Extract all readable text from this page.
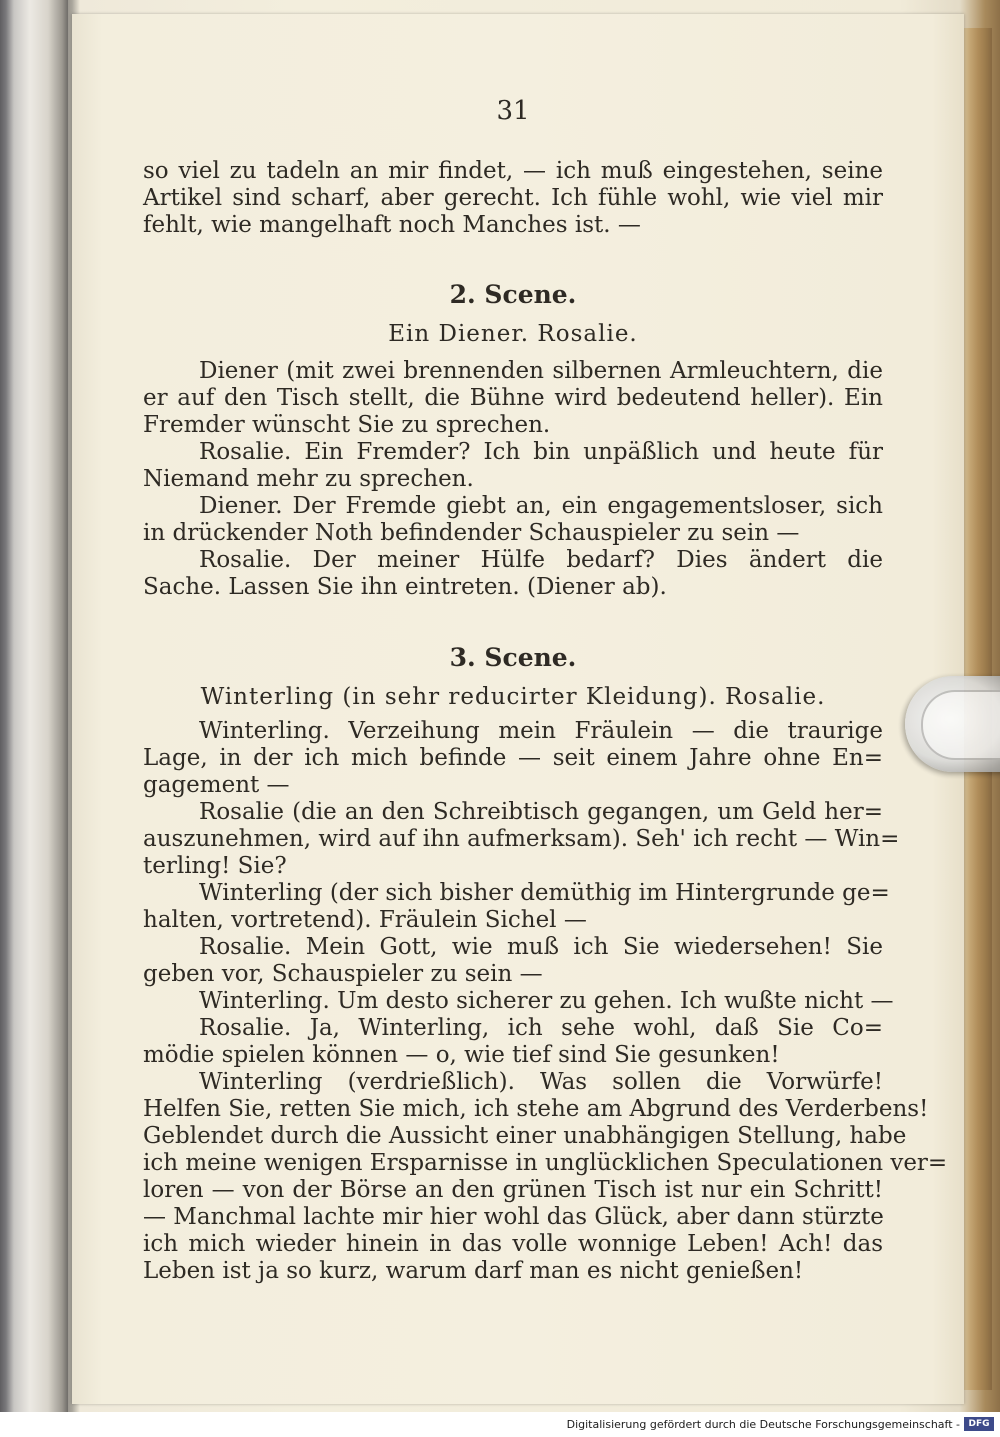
31
so viel zu tadeln an mir findet, — ich muß eingestehen, seine
Artikel sind scharf, aber gerecht. Ich fühle wohl, wie viel mir
fehlt, wie mangelhaft noch Manches ist. —
2. Scene.
Ein Diener. Rosalie.
Diener (mit zwei brennenden silbernen Armleuchtern, die
er auf den Tisch stellt, die Bühne wird bedeutend heller). Ein
Fremder wünscht Sie zu sprechen.
Rosalie. Ein Fremder? Ich bin unpäßlich und heute für
Niemand mehr zu sprechen.
Diener. Der Fremde giebt an, ein engagementsloser, sich
in drückender Noth befindender Schauspieler zu sein —
Rosalie. Der meiner Hülfe bedarf? Dies ändert die
Sache. Lassen Sie ihn eintreten. (Diener ab).
3. Scene.
Winterling (in sehr reducirter Kleidung). Rosalie.
Winterling. Verzeihung mein Fräulein — die traurige
Lage, in der ich mich befinde — seit einem Jahre ohne En=
gagement —
Rosalie (die an den Schreibtisch gegangen, um Geld her=
auszunehmen, wird auf ihn aufmerksam). Seh' ich recht — Win=
terling! Sie?
Winterling (der sich bisher demüthig im Hintergrunde ge=
halten, vortretend). Fräulein Sichel —
Rosalie. Mein Gott, wie muß ich Sie wiedersehen! Sie
geben vor, Schauspieler zu sein —
Winterling. Um desto sicherer zu gehen. Ich wußte nicht —
Rosalie. Ja, Winterling, ich sehe wohl, daß Sie Co=
mödie spielen können — o, wie tief sind Sie gesunken!
Winterling (verdrießlich). Was sollen die Vorwürfe!
Helfen Sie, retten Sie mich, ich stehe am Abgrund des Verderbens!
Geblendet durch die Aussicht einer unabhängigen Stellung, habe
ich meine wenigen Ersparnisse in unglücklichen Speculationen ver=
loren — von der Börse an den grünen Tisch ist nur ein Schritt!
— Manchmal lachte mir hier wohl das Glück, aber dann stürzte
ich mich wieder hinein in das volle wonnige Leben! Ach! das
Leben ist ja so kurz, warum darf man es nicht genießen!
Digitalisierung gefördert durch die Deutsche Forschungsgemeinschaft - DFG
